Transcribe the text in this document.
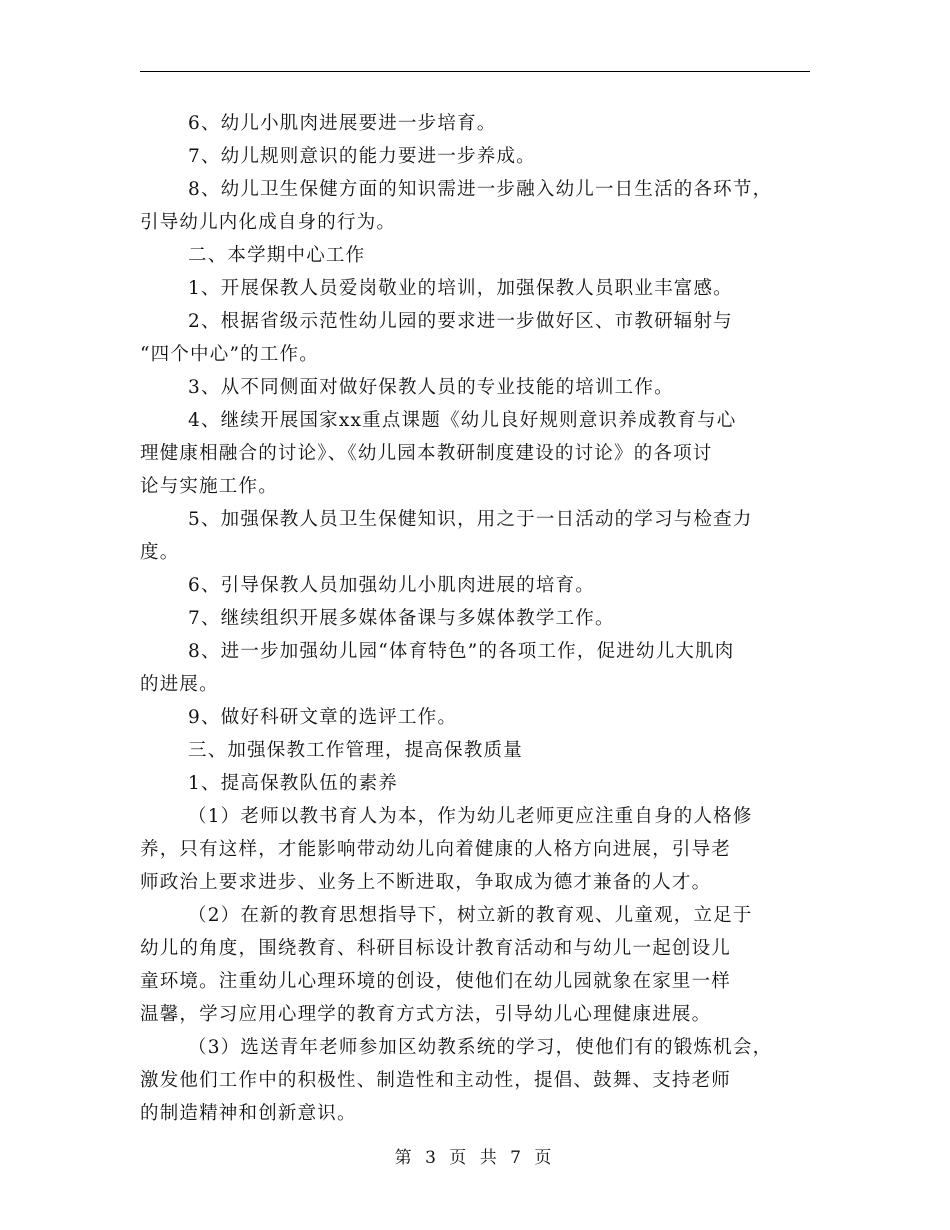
6、幼儿小肌肉进展要进一步培育。
7、幼儿规则意识的能力要进一步养成。
8、幼儿卫生保健方面的知识需进一步融入幼儿一日生活的各环节，
引导幼儿内化成自身的行为。
二、本学期中心工作
1、开展保教人员爱岗敬业的培训，加强保教人员职业丰富感。
2、根据省级示范性幼儿园的要求进一步做好区、市教研辐射与
“四个中心”的工作。
3、从不同侧面对做好保教人员的专业技能的培训工作。
4、继续开展国家xx重点课题《幼儿良好规则意识养成教育与心
理健康相融合的讨论》、《幼儿园本教研制度建设的讨论》的各项讨
论与实施工作。
5、加强保教人员卫生保健知识，用之于一日活动的学习与检查力
度。
6、引导保教人员加强幼儿小肌肉进展的培育。
7、继续组织开展多媒体备课与多媒体教学工作。
8、进一步加强幼儿园“体育特色”的各项工作，促进幼儿大肌肉
的进展。
9、做好科研文章的选评工作。
三、加强保教工作管理，提高保教质量
1、提高保教队伍的素养
（1）老师以教书育人为本，作为幼儿老师更应注重自身的人格修
养，只有这样，才能影响带动幼儿向着健康的人格方向进展，引导老
师政治上要求进步、业务上不断进取，争取成为德才兼备的人才。
（2）在新的教育思想指导下，树立新的教育观、儿童观，立足于
幼儿的角度，围绕教育、科研目标设计教育活动和与幼儿一起创设儿
童环境。注重幼儿心理环境的创设，使他们在幼儿园就象在家里一样
温馨，学习应用心理学的教育方式方法，引导幼儿心理健康进展。
（3）选送青年老师参加区幼教系统的学习，使他们有的锻炼机会，
激发他们工作中的积极性、制造性和主动性，提倡、鼓舞、支持老师
的制造精神和创新意识。
第 3 页 共 7 页
